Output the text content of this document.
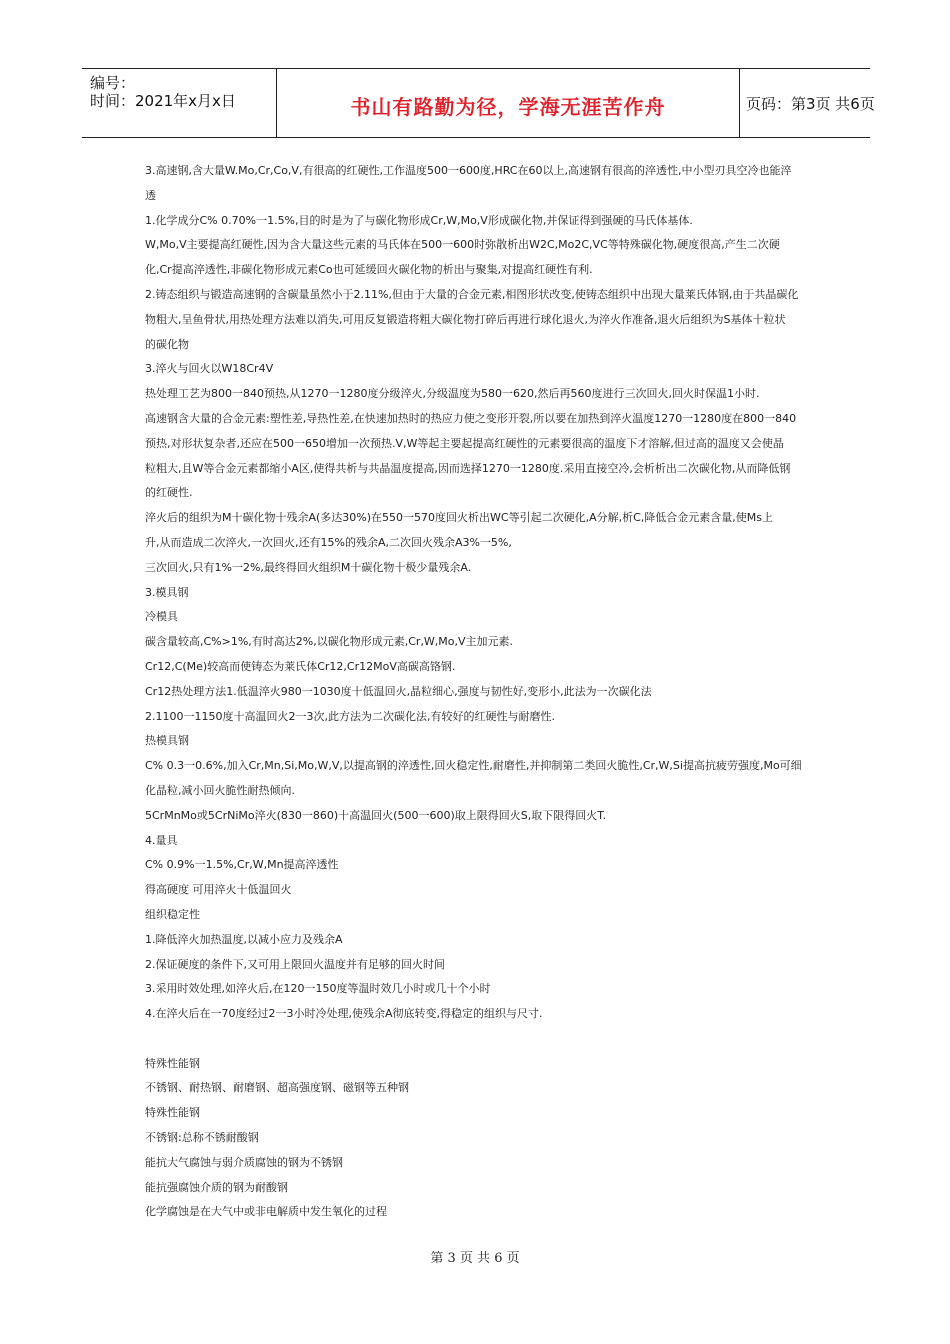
编号：
时间：2021年x月x日	书山有路勤为径，学海无涯苦作舟	页码：第3页 共6页

3.高速钢,含大量W.Mo,Cr,Co,V,有很高的红硬性,工作温度500一600度,HRC在60以上,高速钢有很高的淬透性,中小型刃具空冷也能淬

透

1.化学成分C% 0.70%一1.5%,目的时是为了与碳化物形成Cr,W,Mo,V形成碳化物,并保证得到强硬的马氏体基体.

W,Mo,V主要提高红硬性,因为含大量这些元素的马氏体在500一600时弥散析出W2C,Mo2C,VC等特殊碳化物,硬度很高,产生二次硬

化,Cr提高淬透性,非碳化物形成元素Co也可延缓回火碳化物的析出与聚集,对提高红硬性有利.

2.铸态组织与锻造高速钢的含碳量虽然小于2.11%,但由于大量的合金元素,相图形状改变,使铸态组织中出现大量莱氏体钢,由于共晶碳化

物粗大,呈鱼骨状,用热处理方法难以消失,可用反复锻造将粗大碳化物打碎后再进行球化退火,为淬火作准备,退火后组织为S基体十粒状

的碳化物

3.淬火与回火以W18Cr4V

热处理工艺为800一840预热,从1270一1280度分级淬火,分级温度为580一620,然后再560度进行三次回火,回火时保温1小时.

高速钢含大量的合金元素:塑性差,导热性差,在快速加热时的热应力使之变形开裂,所以要在加热到淬火温度1270一1280度在800一840

预热,对形状复杂者,还应在500一650增加一次预热.V,W等起主要起提高红硬性的元素要很高的温度下才溶解,但过高的温度又会使晶

粒粗大,且W等合金元素都缩小A区,使得共析与共晶温度提高,因而选择1270一1280度.采用直接空冷,会析析出二次碳化物,从而降低钢

的红硬性.

淬火后的组织为M十碳化物十残余A(多达30%)在550一570度回火析出WC等引起二次硬化,A分解,析C,降低合金元素含量,使Ms上

升,从而造成二次淬火,一次回火,还有15%的残余A,二次回火残余A3%一5%,

三次回火,只有1%一2%,最终得回火组织M十碳化物十极少量残余A.

3.模具钢

冷模具

碳含量较高,C%>1%,有时高达2%,以碳化物形成元素,Cr,W,Mo,V主加元素.

Cr12,C(Me)较高而使铸态为莱氏体Cr12,Cr12MoV高碳高铬钢.

Cr12热处理方法1.低温淬火980一1030度十低温回火,晶粒细心,强度与韧性好,变形小,此法为一次碳化法

2.1100一1150度十高温回火2一3次,此方法为二次碳化法,有较好的红硬性与耐磨性.

热模具钢

C% 0.3一0.6%,加入Cr,Mn,Si,Mo,W,V,以提高钢的淬透性,回火稳定性,耐磨性,并抑制第二类回火脆性,Cr,W,Si提高抗疲劳强度,Mo可细

化晶粒,减小回火脆性耐热倾向.

5CrMnMo或5CrNiMo淬火(830一860)十高温回火(500一600)取上限得回火S,取下限得回火T.

4.量具

C% 0.9%一1.5%,Cr,W,Mn提高淬透性

得高硬度 可用淬火十低温回火

组织稳定性

1.降低淬火加热温度,以减小应力及残余A

2.保证硬度的条件下,又可用上限回火温度并有足够的回火时间

3.采用时效处理,如淬火后,在120一150度等温时效几小时或几十个小时

4.在淬火后在一70度经过2一3小时冷处理,使残余A彻底转变,得稳定的组织与尺寸.

特殊性能钢

不锈钢、耐热钢、耐磨钢、超高强度钢、磁钢等五种钢

特殊性能钢

不锈钢:总称不锈耐酸钢

能抗大气腐蚀与弱介质腐蚀的钢为不锈钢

能抗强腐蚀介质的钢为耐酸钢

化学腐蚀是在大气中或非电解质中发生氧化的过程

第 3 页 共 6 页
